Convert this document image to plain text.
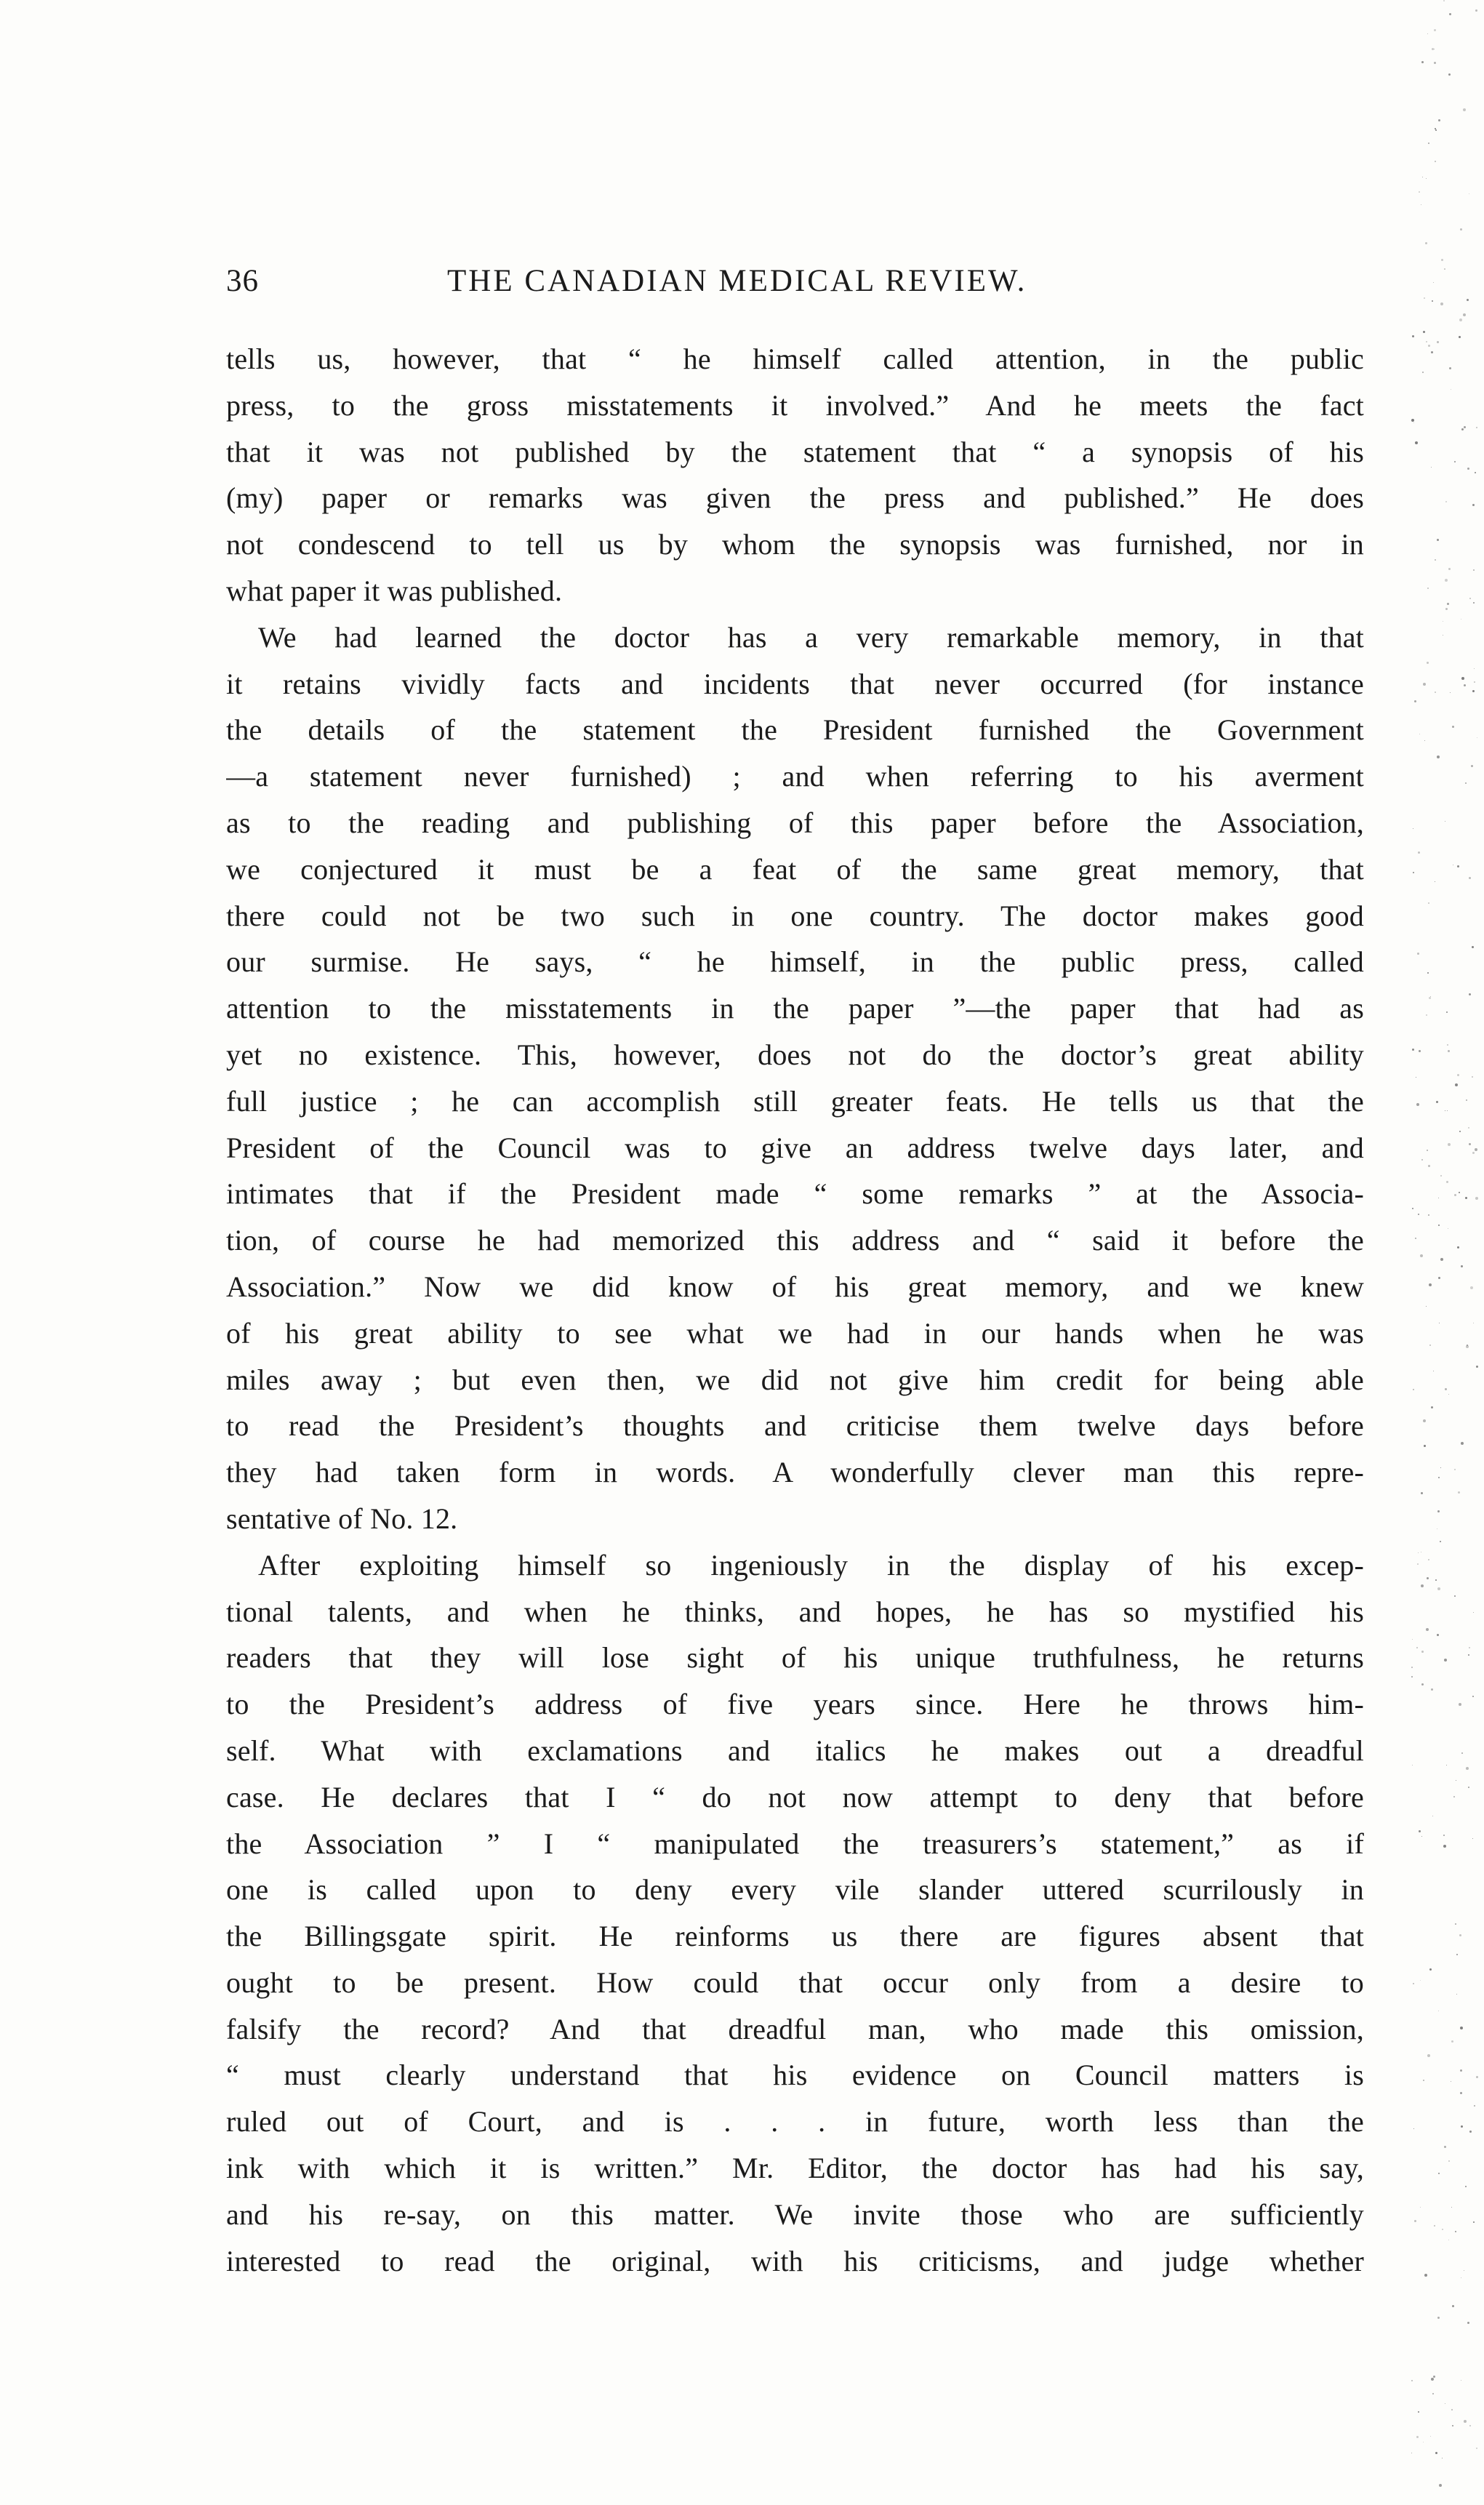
36	THE CANADIAN MEDICAL REVIEW.
tells us, however, that “ he himself called attention, in the public
press, to the gross misstatements it involved.” And he meets the fact
that it was not published by the statement that “ a synopsis of his
(my) paper or remarks was given the press and published.” He does
not condescend to tell us by whom the synopsis was furnished, nor in
what paper it was published.
We had learned the doctor has a very remarkable memory, in that
it retains vividly facts and incidents that never occurred (for instance
the details of the statement the President furnished the Government
—a statement never furnished) ; and when referring to his averment
as to the reading and publishing of this paper before the Association,
we conjectured it must be a feat of the same great memory, that
there could not be two such in one country. The doctor makes good
our surmise. He says, “ he himself, in the public press, called
attention to the misstatements in the paper ”—the paper that had as
yet no existence. This, however, does not do the doctor’s great ability
full justice ; he can accomplish still greater feats. He tells us that the
President of the Council was to give an address twelve days later, and
intimates that if the President made “ some remarks ” at the Associa-
tion, of course he had memorized this address and “ said it before the
Association.” Now we did know of his great memory, and we knew
of his great ability to see what we had in our hands when he was
miles away ; but even then, we did not give him credit for being able
to read the President’s thoughts and criticise them twelve days before
they had taken form in words. A wonderfully clever man this repre-
sentative of No. 12.
After exploiting himself so ingeniously in the display of his excep-
tional talents, and when he thinks, and hopes, he has so mystified his
readers that they will lose sight of his unique truthfulness, he returns
to the President’s address of five years since. Here he throws him-
self. What with exclamations and italics he makes out a dreadful
case. He declares that I “ do not now attempt to deny that before
the Association ” I “ manipulated the treasurers’s statement,” as if
one is called upon to deny every vile slander uttered scurrilously in
the Billingsgate spirit. He reinforms us there are figures absent that
ought to be present. How could that occur only from a desire to
falsify the record? And that dreadful man, who made this omission,
“ must clearly understand that his evidence on Council matters is
ruled out of Court, and is . . . in future, worth less than the
ink with which it is written.” Mr. Editor, the doctor has had his say,
and his re-say, on this matter. We invite those who are sufficiently
interested to read the original, with his criticisms, and judge whether
